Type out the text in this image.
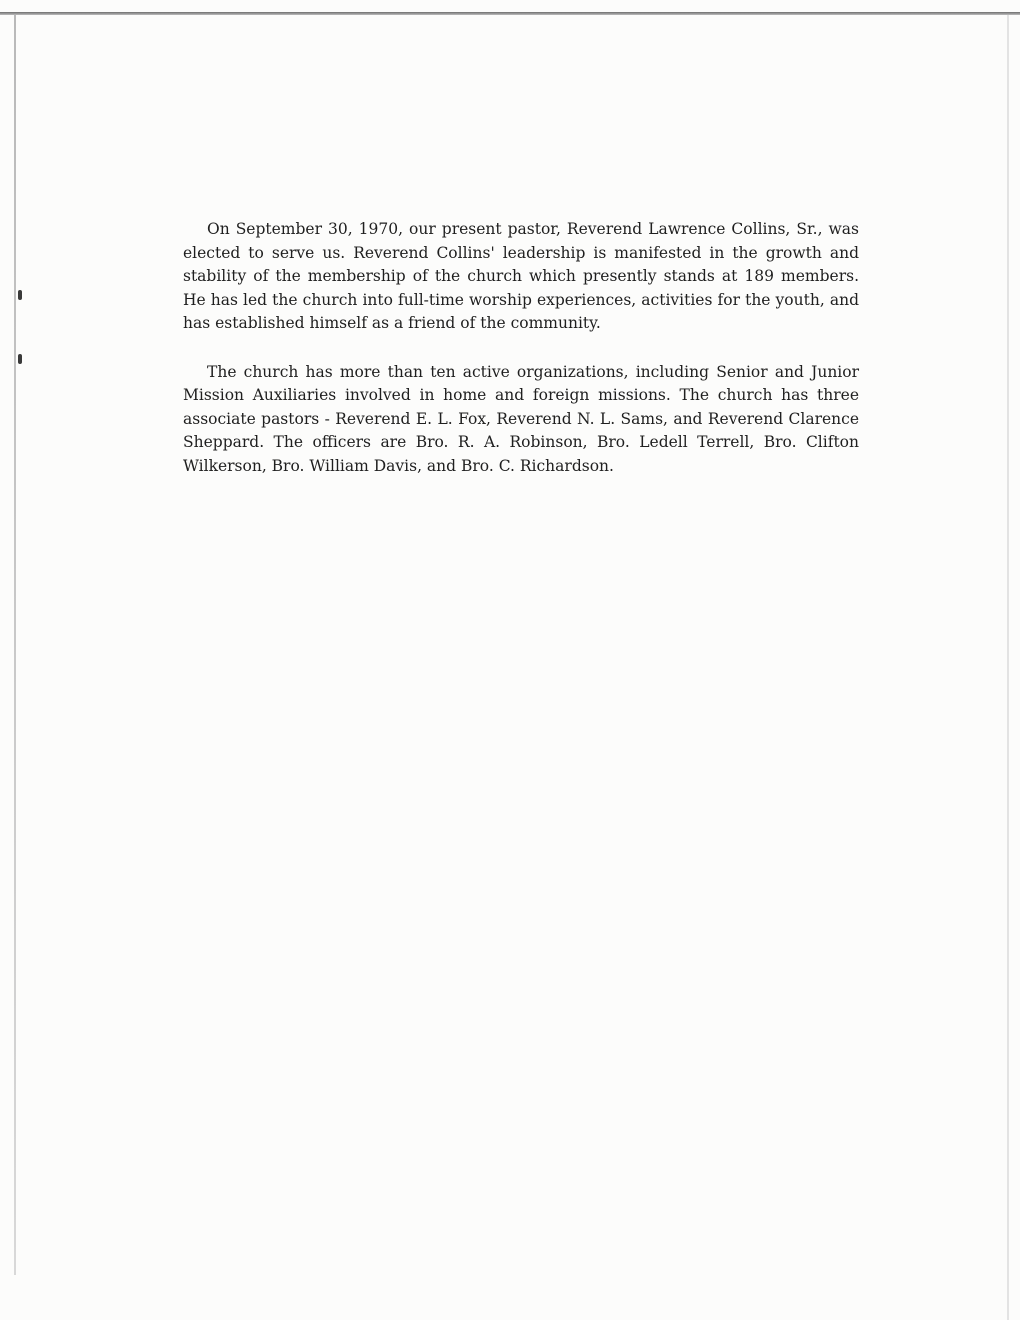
On September 30, 1970, our present pastor, Reverend Lawrence Collins, Sr., was elected to serve us. Reverend Collins' leadership is manifested in the growth and stability of the membership of the church which presently stands at 189 members. He has led the church into full-time worship experiences, activities for the youth, and has established himself as a friend of the community.

The church has more than ten active organizations, including Senior and Junior Mission Auxiliaries involved in home and foreign missions. The church has three associate pastors - Reverend E. L. Fox, Reverend N. L. Sams, and Reverend Clarence Sheppard. The officers are Bro. R. A. Robinson, Bro. Ledell Terrell, Bro. Clifton Wilkerson, Bro. William Davis, and Bro. C. Richardson.
